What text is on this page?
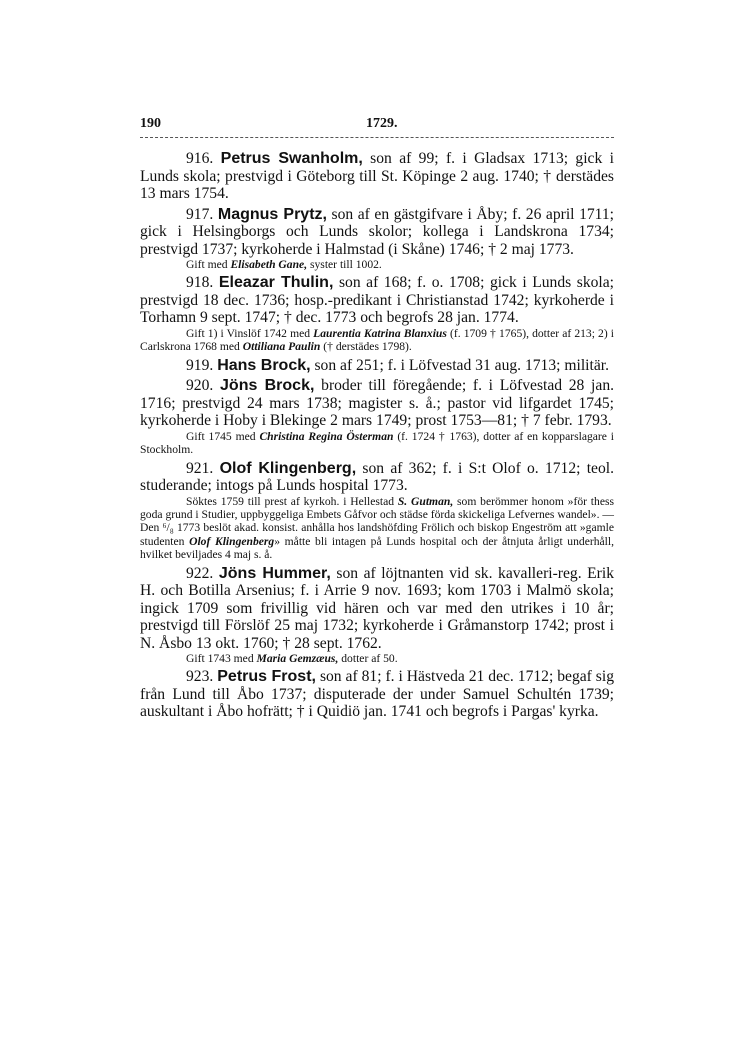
190	1729.

916. Petrus Swanholm, son af 99; f. i Gladsax 1713; gick i Lunds skola; prestvigd i Göteborg till St. Köpinge 2 aug. 1740; † derstädes 13 mars 1754.

917. Magnus Prytz, son af en gästgifvare i Åby; f. 26 april 1711; gick i Helsingborgs och Lunds skolor; kollega i Landskrona 1734; prestvigd 1737; kyrkoherde i Halmstad (i Skåne) 1746; † 2 maj 1773.

Gift med Elisabeth Gane, syster till 1002.

918. Eleazar Thulin, son af 168; f. o. 1708; gick i Lunds skola; prestvigd 18 dec. 1736; hosp.-predikant i Christianstad 1742; kyrkoherde i Torhamn 9 sept. 1747; † dec. 1773 och begrofs 28 jan. 1774.

Gift 1) i Vinslöf 1742 med Laurentia Katrina Blanxius (f. 1709 † 1765), dotter af 213; 2) i Carlskrona 1768 med Ottiliana Paulin († derstädes 1798).

919. Hans Brock, son af 251; f. i Löfvestad 31 aug. 1713; militär.

920. Jöns Brock, broder till föregående; f. i Löfvestad 28 jan. 1716; prestvigd 24 mars 1738; magister s. å.; pastor vid lifgardet 1745; kyrkoherde i Hoby i Blekinge 2 mars 1749; prost 1753—81; † 7 febr. 1793.

Gift 1745 med Christina Regina Österman (f. 1724 † 1763), dotter af en kopparslagare i Stockholm.

921. Olof Klingenberg, son af 362; f. i S:t Olof o. 1712; teol. studerande; intogs på Lunds hospital 1773.

Söktes 1759 till prest af kyrkoh. i Hellestad S. Gutman, som berömmer honom »för thess goda grund i Studier, uppbyggeliga Embets Gåfvor och städse förda skickeliga Lefvernes wandel». — Den ⁶/₈ 1773 beslöt akad. konsist. anhålla hos landshöfding Frölich och biskop Engeström att »gamle studenten Olof Klingenberg» måtte bli intagen på Lunds hospital och der åtnjuta årligt underhåll, hvilket beviljades 4 maj s. å.

922. Jöns Hummer, son af löjtnanten vid sk. kavalleri-reg. Erik H. och Botilla Arsenius; f. i Arrie 9 nov. 1693; kom 1703 i Malmö skola; ingick 1709 som frivillig vid hären och var med den utrikes i 10 år; prestvigd till Förslöf 25 maj 1732; kyrkoherde i Gråmanstorp 1742; prost i N. Åsbo 13 okt. 1760; † 28 sept. 1762.

Gift 1743 med Maria Gemzæus, dotter af 50.

923. Petrus Frost, son af 81; f. i Hästveda 21 dec. 1712; begaf sig från Lund till Åbo 1737; disputerade der under Samuel Schultén 1739; auskultant i Åbo hofrätt; † i Quidiö jan. 1741 och begrofs i Pargas' kyrka.
